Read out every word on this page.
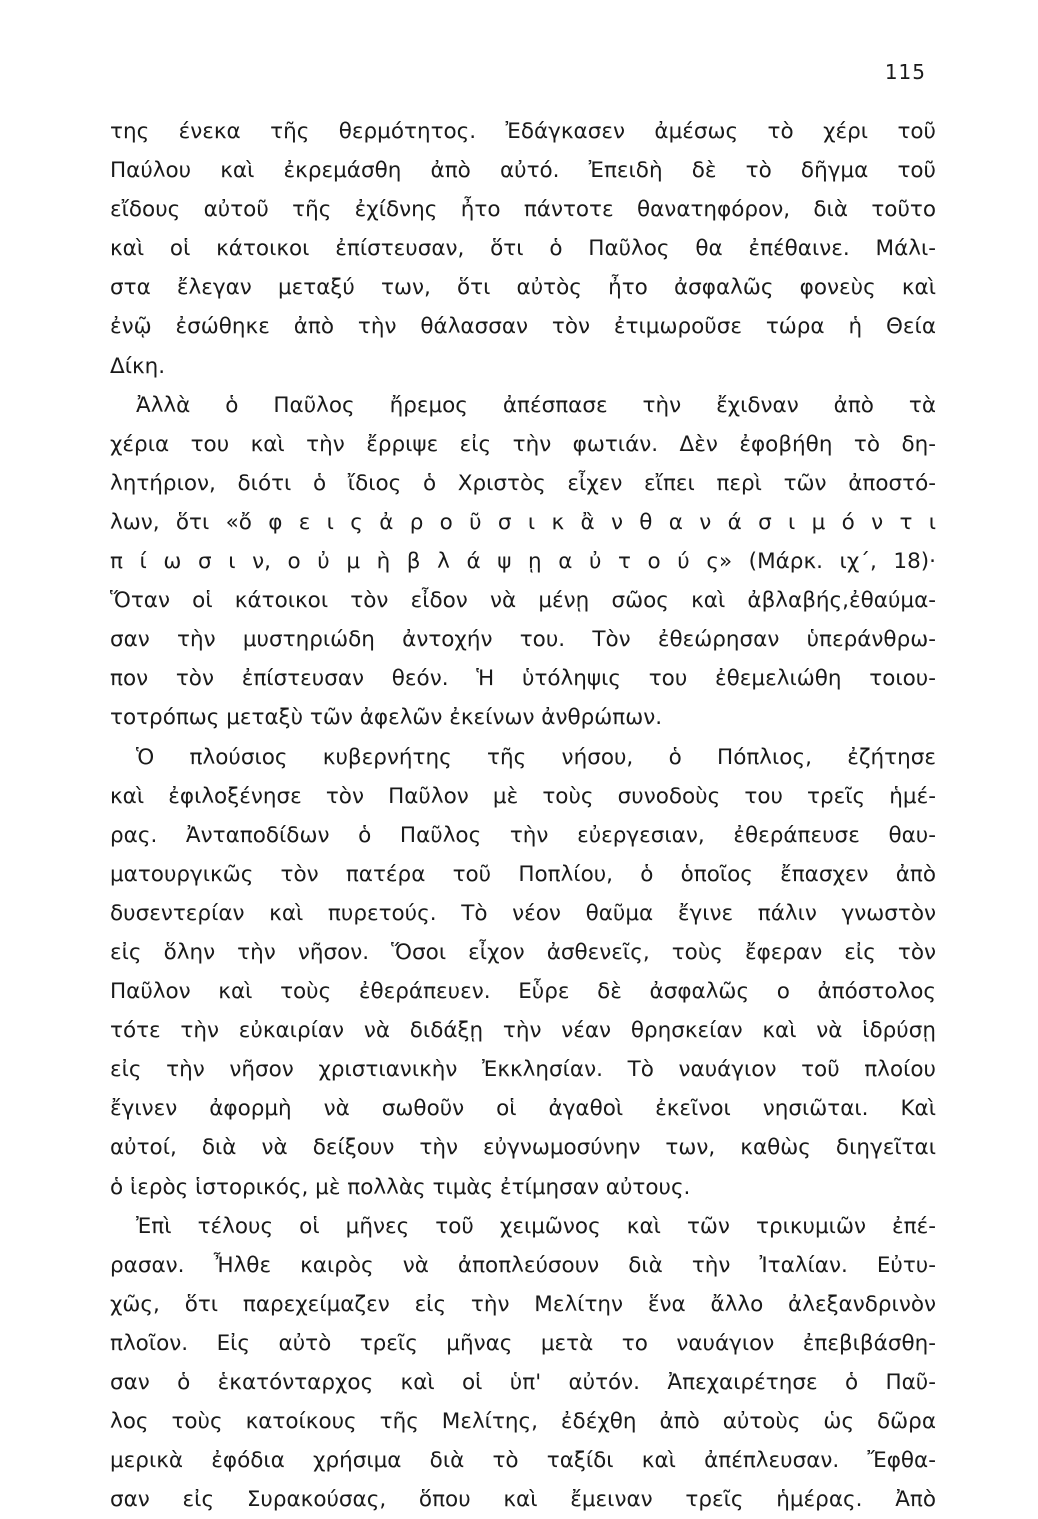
115
της ένεκα τῆς θερμότητος. Ἐδάγκασεν ἀμέσως τὸ χέρι τοῦ
Παύλου καὶ ἐκρεμάσθη ἀπὸ αὐτό. Ἐπειδὴ δὲ τὸ δῆγμα τοῦ
εἴδους αὐτοῦ τῆς ἐχίδνης ἦτο πάντοτε θανατηφόρον, διὰ τοῦτο
καὶ οἱ κάτοικοι ἐπίστευσαν, ὅτι ὁ Παῦλος θα ἐπέθαινε. Μάλι-
στα ἔλεγαν μεταξύ των, ὅτι αὐτὸς ἦτο ἀσφαλῶς φονεὺς καὶ
ἐνῷ ἐσώθηκε ἀπὸ τὴν θάλασσαν τὸν ἐτιμωροῦσε τώρα ἡ Θεία
Δίκη.
Ἀλλὰ ὁ Παῦλος ἤρεμος ἀπέσπασε τὴν ἔχιδναν ἀπὸ τὰ
χέρια του καὶ τὴν ἔρριψε εἰς τὴν φωτιάν. Δὲν ἐφοβήθη τὸ δη-
λητήριον, διότι ὁ ἴδιος ὁ Χριστὸς εἶχεν εἴπει περὶ τῶν ἀποστό-
λων, ὅτι «ὄ φ ε ι ς ἀ ρ ο ῦ σ ι κ ἂ ν θ α ν ά σ ι μ ό ν τ ι
π ί ω σ ι ν, ο ὐ μ ὴ β λ ά ψ ῃ α ὐ τ ο ύ ς» (Μάρκ. ιχ΄, 18)·
Ὅταν οἱ κάτοικοι τὸν εἶδον νὰ μένῃ σῶος καὶ ἀβλαβής,ἐθαύμα-
σαν τὴν μυστηριώδη ἀντοχήν του. Τὸν ἐθεώρησαν ὑπεράνθρω-
πον τὸν ἐπίστευσαν θεόν. Ἡ ὑτόληψις του ἐθεμελιώθη τοιου-
τοτρόπως μεταξὺ τῶν ἀφελῶν ἐκείνων ἀνθρώπων.
Ὁ πλούσιος κυβερνήτης τῆς νήσου, ὁ Πόπλιος, ἐζήτησε
καὶ ἐφιλοξένησε τὸν Παῦλον μὲ τοὺς συνοδοὺς του τρεῖς ἡμέ-
ρας. Ἀνταποδίδων ὁ Παῦλος τὴν εὐεργεσιαν, ἐθεράπευσε θαυ-
ματουργικῶς τὸν πατέρα τοῦ Ποπλίου, ὁ ὁποῖος ἔπασχεν ἀπὸ
δυσεντερίαν καὶ πυρετούς. Τὸ νέον θαῦμα ἔγινε πάλιν γνωστὸν
εἰς ὅλην τὴν νῆσον. Ὅσοι εἶχον ἀσθενεῖς, τοὺς ἔφεραν εἰς τὸν
Παῦλον καὶ τοὺς ἐθεράπευεν. Εὗρε δὲ ἀσφαλῶς ο ἀπόστολος
τότε τὴν εὐκαιρίαν νὰ διδάξῃ τὴν νέαν θρησκείαν καὶ νὰ ἱδρύσῃ
εἰς τὴν νῆσον χριστιανικὴν Ἐκκλησίαν. Τὸ ναυάγιον τοῦ πλοίου
ἔγινεν ἀφορμὴ νὰ σωθοῦν οἱ ἀγαθοὶ ἐκεῖνοι νησιῶται. Καὶ
αὐτοί, διὰ νὰ δείξουν τὴν εὐγνωμοσύνην των, καθὼς διηγεῖται
ὁ ἱερὸς ἱστορικός, μὲ πολλὰς τιμὰς ἐτίμησαν αὐτους.
Ἐπὶ τέλους οἱ μῆνες τοῦ χειμῶνος καὶ τῶν τρικυμιῶν ἐπέ-
ρασαν. Ἦλθε καιρὸς νὰ ἀποπλεύσουν διὰ τὴν Ἰταλίαν. Εὐτυ-
χῶς, ὅτι παρεχείμαζεν εἰς τὴν Μελίτην ἕνα ἄλλο ἀλεξανδρινὸν
πλοῖον. Εἰς αὐτὸ τρεῖς μῆνας μετὰ το ναυάγιον ἐπεβιβάσθη-
σαν ὁ ἑκατόνταρχος καὶ οἱ ὑπ' αὐτόν. Ἀπεχαιρέτησε ὁ Παῦ-
λος τοὺς κατοίκους τῆς Μελίτης, ἐδέχθη ἀπὸ αὐτοὺς ὡς δῶρα
μερικὰ ἐφόδια χρήσιμα διὰ τὸ ταξίδι καὶ ἀπέπλευσαν. Ἔφθα-
σαν εἰς Συρακούσας, ὅπου καὶ ἔμειναν τρεῖς ἡμέρας. Ἀπὸ
